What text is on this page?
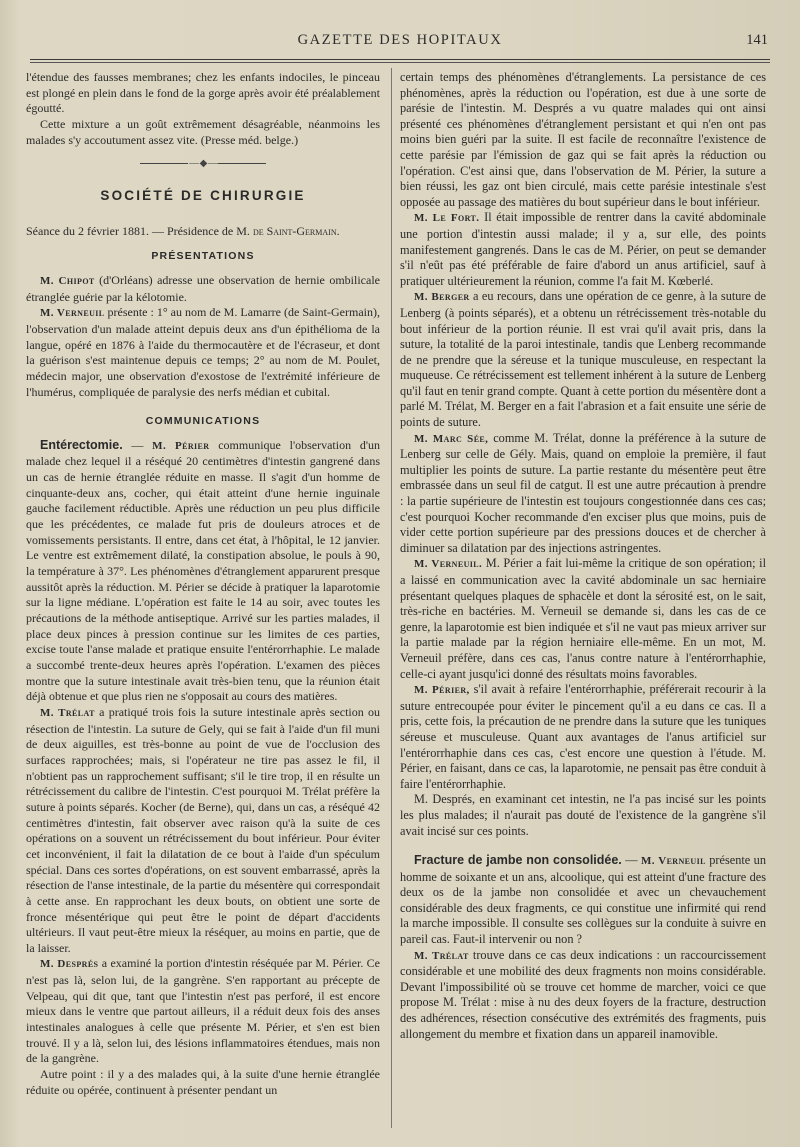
GAZETTE DES HOPITAUX	141

l'étendue des fausses membranes; chez les enfants indociles, le pinceau est plongé en plein dans le fond de la gorge après avoir été préalablement égoutté.

Cette mixture a un goût extrêmement désagréable, néanmoins les malades s'y accoutument assez vite. (Presse méd. belge.)

— ◆ —
SOCIÉTÉ DE CHIRURGIE

Séance du 2 février 1881. — Présidence de M. de Saint-Germain.

PRÉSENTATIONS

M. Chipot (d'Orléans) adresse une observation de hernie ombilicale étranglée guérie par la kélotomie.

M. Verneuil présente : 1° au nom de M. Lamarre (de Saint-Germain), l'observation d'un malade atteint depuis deux ans d'un épithélioma de la langue, opéré en 1876 à l'aide du thermocautère et de l'écraseur, et dont la guérison s'est maintenue depuis ce temps; 2° au nom de M. Poulet, médecin major, une observation d'exostose de l'extrémité inférieure de l'humérus, compliquée de paralysie des nerfs médian et cubital.

COMMUNICATIONS

Entérectomie. — M. Périer communique l'observation d'un malade chez lequel il a réséqué 20 centimètres d'intestin gangrené dans un cas de hernie étranglée réduite en masse. Il s'agit d'un homme de cinquante-deux ans, cocher, qui était atteint d'une hernie inguinale gauche facilement réductible. Après une réduction un peu plus difficile que les précédentes, ce malade fut pris de douleurs atroces et de vomissements persistants. Il entre, dans cet état, à l'hôpital, le 12 janvier. Le ventre est extrêmement dilaté, la constipation absolue, le pouls à 90, la température à 37°. Les phénomènes d'étranglement apparurent presque aussitôt après la réduction. M. Périer se décide à pratiquer la laparotomie sur la ligne médiane. L'opération est faite le 14 au soir, avec toutes les précautions de la méthode antiseptique. Arrivé sur les parties malades, il place deux pinces à pression continue sur les limites de ces parties, excise toute l'anse malade et pratique ensuite l'entérorrhaphie. Le malade a succombé trente-deux heures après l'opération. L'examen des pièces montre que la suture intestinale avait très-bien tenu, que la réunion était déjà obtenue et que plus rien ne s'opposait au cours des matières.

M. Trélat a pratiqué trois fois la suture intestinale après section ou résection de l'intestin. La suture de Gely, qui se fait à l'aide d'un fil muni de deux aiguilles, est très-bonne au point de vue de l'occlusion des surfaces rapprochées; mais, si l'opérateur ne tire pas assez le fil, il n'obtient pas un rapprochement suffisant; s'il le tire trop, il en résulte un rétrécissement du calibre de l'intestin. C'est pourquoi M. Trélat préfère la suture à points séparés. Kocher (de Berne), qui, dans un cas, a réséqué 42 centimètres d'intestin, fait observer avec raison qu'à la suite de ces opérations on a souvent un rétrécissement du bout inférieur. Pour éviter cet inconvénient, il fait la dilatation de ce bout à l'aide d'un spéculum spécial. Dans ces sortes d'opérations, on est souvent embarrassé, après la résection de l'anse intestinale, de la partie du mésentère qui correspondait à cette anse. En rapprochant les deux bouts, on obtient une sorte de fronce mésentérique qui peut être le point de départ d'accidents ultérieurs. Il vaut peut-être mieux la réséquer, au moins en partie, que de la laisser.

M. Després a examiné la portion d'intestin réséquée par M. Périer. Ce n'est pas là, selon lui, de la gangrène. S'en rapportant au précepte de Velpeau, qui dit que, tant que l'intestin n'est pas perforé, il est encore mieux dans le ventre que partout ailleurs, il a réduit deux fois des anses intestinales analogues à celle que présente M. Périer, et s'en est bien trouvé. Il y a là, selon lui, des lésions inflammatoires étendues, mais non de la gangrène.

Autre point : il y a des malades qui, à la suite d'une hernie étranglée réduite ou opérée, continuent à présenter pendant un

certain temps des phénomènes d'étranglements. La persistance de ces phénomènes, après la réduction ou l'opération, est due à une sorte de parésie de l'intestin. M. Després a vu quatre malades qui ont ainsi présenté ces phénomènes d'étranglement persistant et qui n'en ont pas moins bien guéri par la suite. Il est facile de reconnaître l'existence de cette parésie par l'émission de gaz qui se fait après la réduction ou l'opération. C'est ainsi que, dans l'observation de M. Périer, la suture a bien réussi, les gaz ont bien circulé, mais cette parésie intestinale s'est opposée au passage des matières du bout supérieur dans le bout inférieur.

M. Le Fort. Il était impossible de rentrer dans la cavité abdominale une portion d'intestin aussi malade; il y a, sur elle, des points manifestement gangrenés. Dans le cas de M. Périer, on peut se demander s'il n'eût pas été préférable de faire d'abord un anus artificiel, sauf à pratiquer ultérieurement la réunion, comme l'a fait M. Kœberlé.

M. Berger a eu recours, dans une opération de ce genre, à la suture de Lenberg (à points séparés), et a obtenu un rétrécissement très-notable du bout inférieur de la portion réunie. Il est vrai qu'il avait pris, dans la suture, la totalité de la paroi intestinale, tandis que Lenberg recommande de ne prendre que la séreuse et la tunique musculeuse, en respectant la muqueuse. Ce rétrécissement est tellement inhérent à la suture de Lenberg qu'il faut en tenir grand compte. Quant à cette portion du mésentère dont a parlé M. Trélat, M. Berger en a fait l'abrasion et a fait ensuite une série de points de suture.

M. Marc Sée, comme M. Trélat, donne la préférence à la suture de Lenberg sur celle de Gély. Mais, quand on emploie la première, il faut multiplier les points de suture. La partie restante du mésentère peut être embrassée dans un seul fil de catgut. Il est une autre précaution à prendre : la partie supérieure de l'intestin est toujours congestionnée dans ces cas; c'est pourquoi Kocher recommande d'en exciser plus que moins, puis de vider cette portion supérieure par des pressions douces et de chercher à diminuer sa dilatation par des injections astringentes.

M. Verneuil. M. Périer a fait lui-même la critique de son opération; il a laissé en communication avec la cavité abdominale un sac herniaire présentant quelques plaques de sphacèle et dont la sérosité est, on le sait, très-riche en bactéries. M. Verneuil se demande si, dans les cas de ce genre, la laparotomie est bien indiquée et s'il ne vaut pas mieux arriver sur la partie malade par la région herniaire elle-même. En un mot, M. Verneuil préfère, dans ces cas, l'anus contre nature à l'entérorrhaphie, celle-ci ayant jusqu'ici donné des résultats moins favorables.

M. Périer, s'il avait à refaire l'entérorrhaphie, préférerait recourir à la suture entrecoupée pour éviter le pincement qu'il a eu dans ce cas. Il a pris, cette fois, la précaution de ne prendre dans la suture que les tuniques séreuse et musculeuse. Quant aux avantages de l'anus artificiel sur l'entérorrhaphie dans ces cas, c'est encore une question à l'étude. M. Périer, en faisant, dans ce cas, la laparotomie, ne pensait pas être conduit à faire l'entérorrhaphie.

M. Després, en examinant cet intestin, ne l'a pas incisé sur les points les plus malades; il n'aurait pas douté de l'existence de la gangrène s'il avait incisé sur ces points.

Fracture de jambe non consolidée. — M. Verneuil présente un homme de soixante et un ans, alcoolique, qui est atteint d'une fracture des deux os de la jambe non consolidée et avec un chevauchement considérable des deux fragments, ce qui constitue une infirmité qui rend la marche impossible. Il consulte ses collègues sur la conduite à suivre en pareil cas. Faut-il intervenir ou non ?

M. Trélat trouve dans ce cas deux indications : un raccourcissement considérable et une mobilité des deux fragments non moins considérable. Devant l'impossibilité où se trouve cet homme de marcher, voici ce que propose M. Trélat : mise à nu des deux foyers de la fracture, destruction des adhérences, résection consécutive des extrémités des fragments, puis allongement du membre et fixation dans un appareil inamovible.
